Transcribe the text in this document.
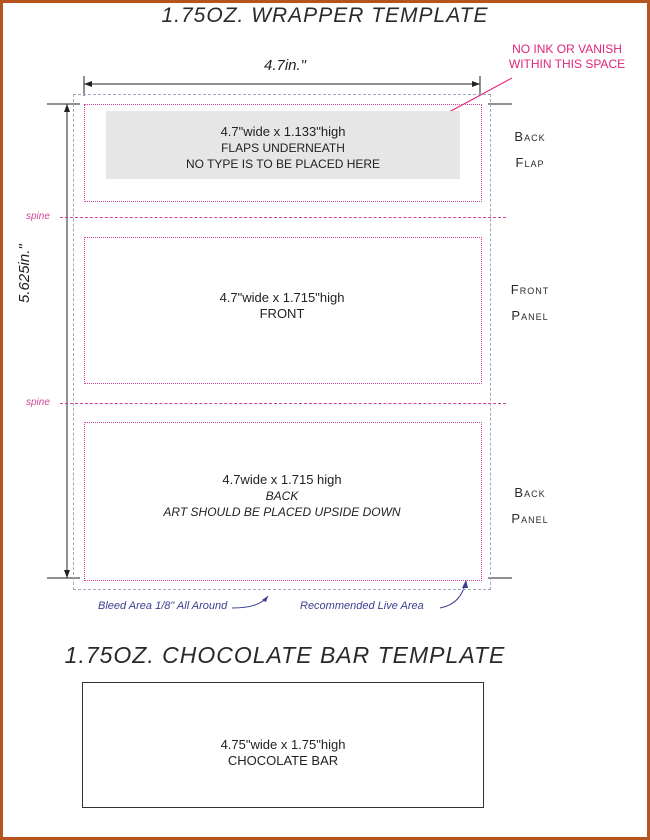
1.75OZ. WRAPPER TEMPLATE
4.7in."
5.625in."
NO INK OR VANISH
WITHIN THIS SPACE
4.7"wide x 1.133"high
FLAPS UNDERNEATH
NO TYPE IS TO BE PLACED HERE
Back
Flap
spine
4.7"wide x 1.715"high
FRONT
Front
Panel
spine
4.7wide x 1.715 high
BACK
ART SHOULD BE PLACED UPSIDE DOWN
Back
Panel
Bleed Area 1/8" All Around	Recommended Live Area
1.75OZ. CHOCOLATE BAR TEMPLATE
4.75"wide x 1.75"high
CHOCOLATE BAR
